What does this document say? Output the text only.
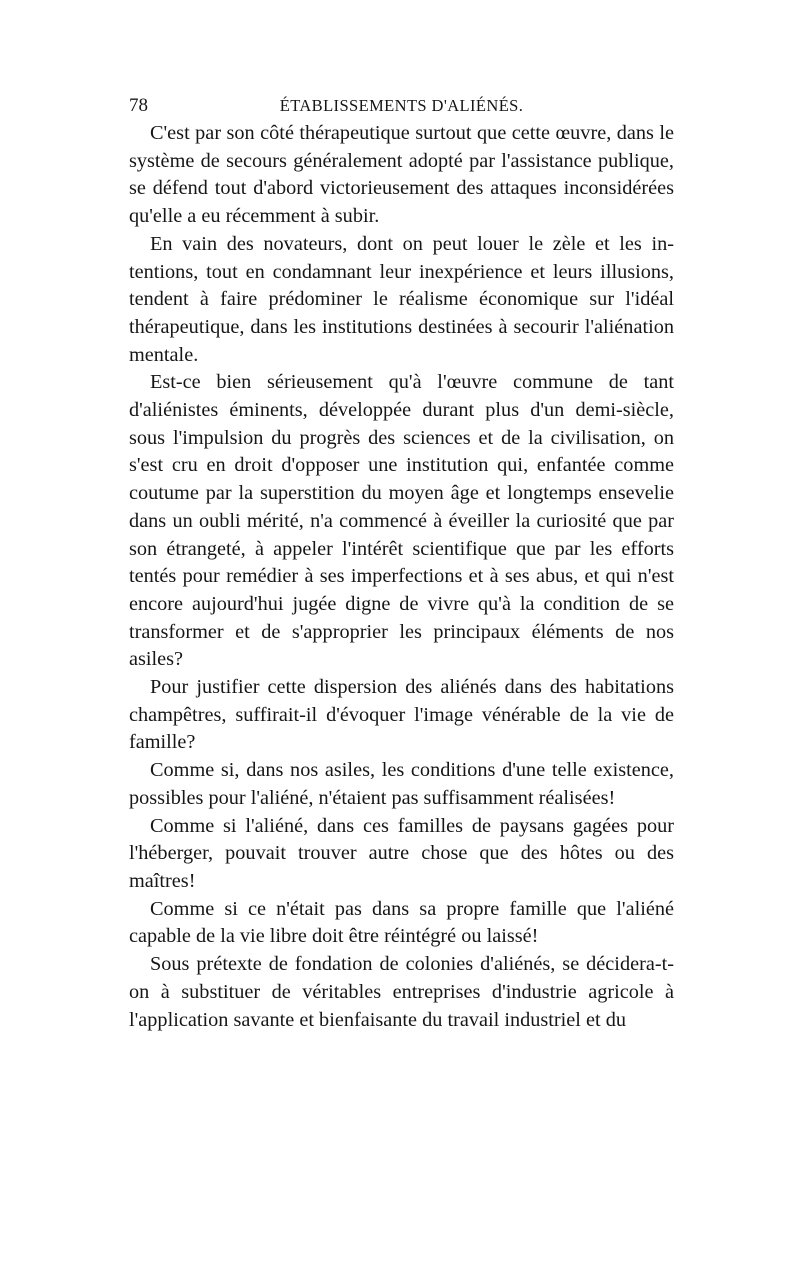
78	ÉTABLISSEMENTS D'ALIÉNÉS.

C'est par son côté thérapeutique surtout que cette œuvre, dans le système de secours généralement adopté par l'assistance publique, se défend tout d'abord victorieusement des attaques inconsidérées qu'elle a eu récemment à subir.

En vain des novateurs, dont on peut louer le zèle et les intentions, tout en condamnant leur inexpérience et leurs illusions, tendent à faire prédominer le réalisme économique sur l'idéal thérapeutique, dans les institutions destinées à secourir l'aliénation mentale.

Est-ce bien sérieusement qu'à l'œuvre commune de tant d'aliénistes éminents, développée durant plus d'un demi-siècle, sous l'impulsion du progrès des sciences et de la civilisation, on s'est cru en droit d'opposer une institution qui, enfantée comme coutume par la superstition du moyen âge et longtemps ensevelie dans un oubli mérité, n'a commencé à éveiller la curiosité que par son étrangeté, à appeler l'intérêt scientifique que par les efforts tentés pour remédier à ses imperfections et à ses abus, et qui n'est encore aujourd'hui jugée digne de vivre qu'à la condition de se transformer et de s'approprier les principaux éléments de nos asiles?

Pour justifier cette dispersion des aliénés dans des habitations champêtres, suffirait-il d'évoquer l'image vénérable de la vie de famille?

Comme si, dans nos asiles, les conditions d'une telle existence, possibles pour l'aliéné, n'étaient pas suffisamment réalisées!

Comme si l'aliéné, dans ces familles de paysans gagées pour l'héberger, pouvait trouver autre chose que des hôtes ou des maîtres!

Comme si ce n'était pas dans sa propre famille que l'aliéné capable de la vie libre doit être réintégré ou laissé!

Sous prétexte de fondation de colonies d'aliénés, se décidera-t-on à substituer de véritables entreprises d'industrie agricole à l'application savante et bienfaisante du travail industriel et du
